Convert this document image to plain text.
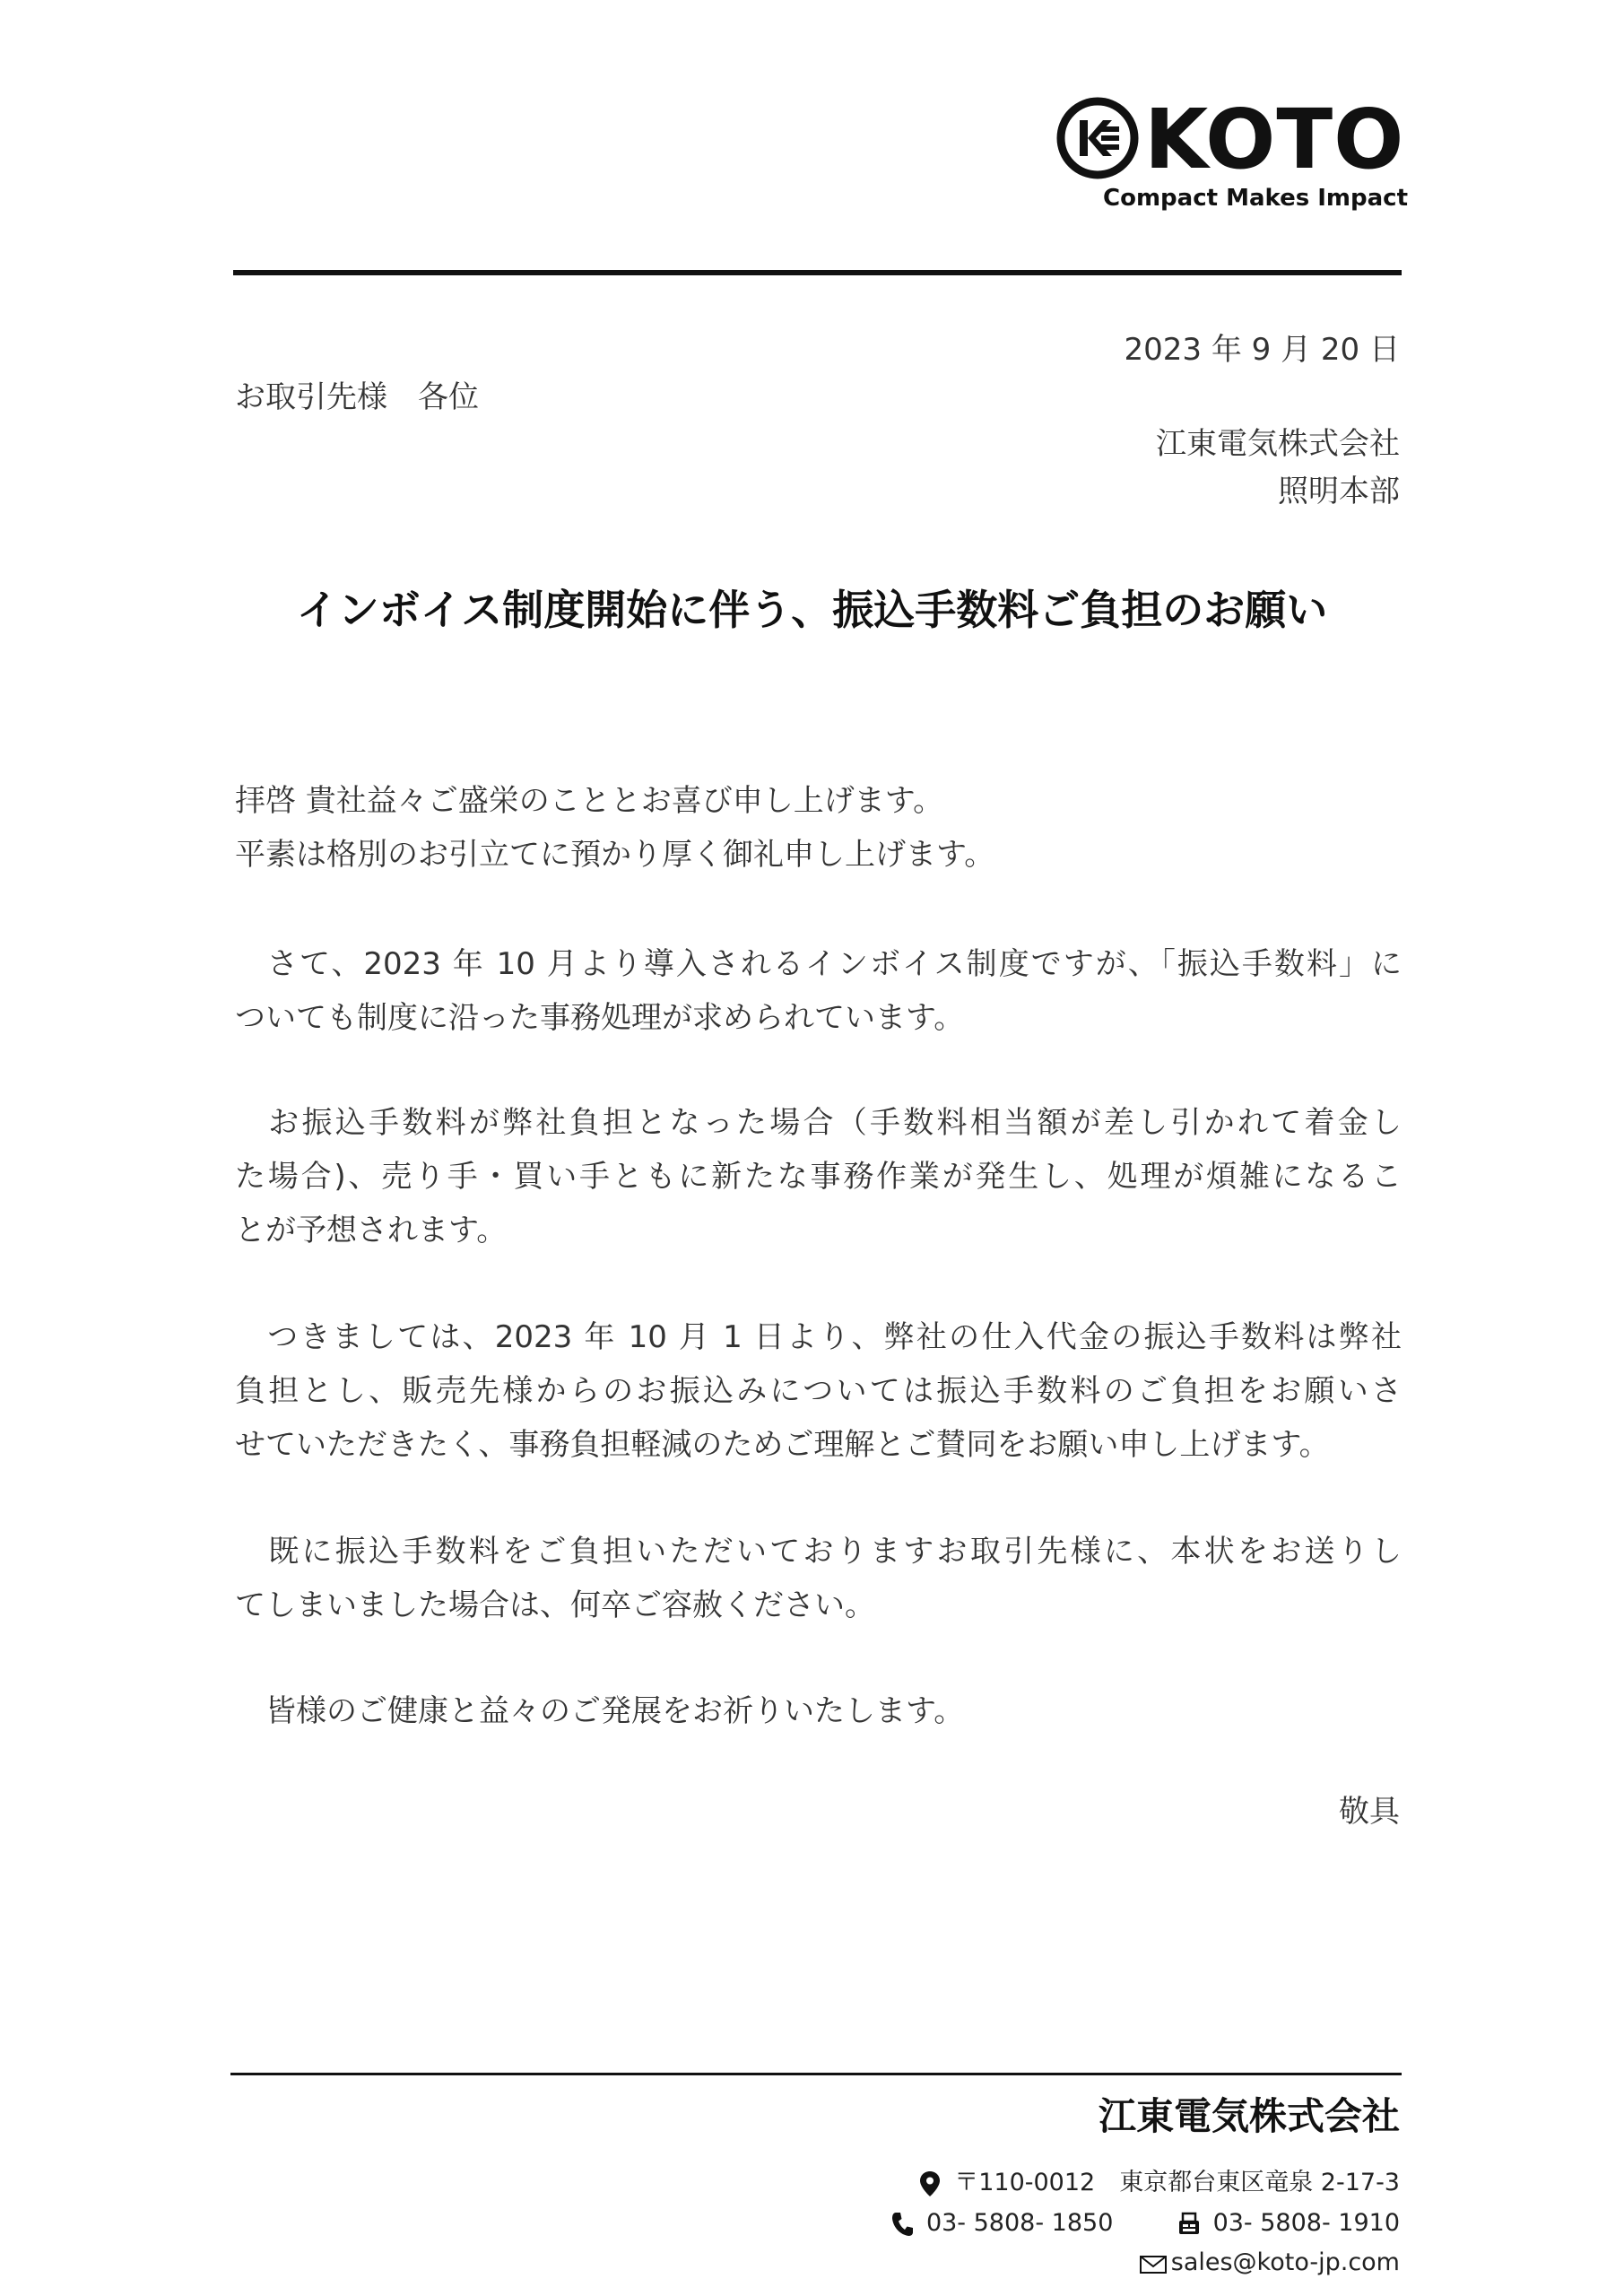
KOTO
Compact Makes Impact
2023 年 9 月 20 日
お取引先様　各位
江東電気株式会社
照明本部
インボイス制度開始に伴う、振込手数料ご負担のお願い
拝啓 貴社益々ご盛栄のこととお喜び申し上げます。
平素は格別のお引立てに預かり厚く御礼申し上げます。
　さて、2023 年 10 月より導入されるインボイス制度ですが、「振込手数料」に
ついても制度に沿った事務処理が求められています。
　お振込手数料が弊社負担となった場合（手数料相当額が差し引かれて着金し
た場合)、売り手・買い手ともに新たな事務作業が発生し、処理が煩雑になるこ
とが予想されます。
　つきましては、2023 年 10 月 1 日より、弊社の仕入代金の振込手数料は弊社
負担とし、販売先様からのお振込みについては振込手数料のご負担をお願いさ
せていただきたく、事務負担軽減のためご理解とご賛同をお願い申し上げます。
　既に振込手数料をご負担いただいておりますお取引先様に、本状をお送りし
てしまいました場合は、何卒ご容赦ください。
　皆様のご健康と益々のご発展をお祈りいたします。
敬具
江東電気株式会社
〒110-0012　東京都台東区竜泉 2-17-3
03- 5808- 1850	03- 5808- 1910
sales@koto-jp.com
